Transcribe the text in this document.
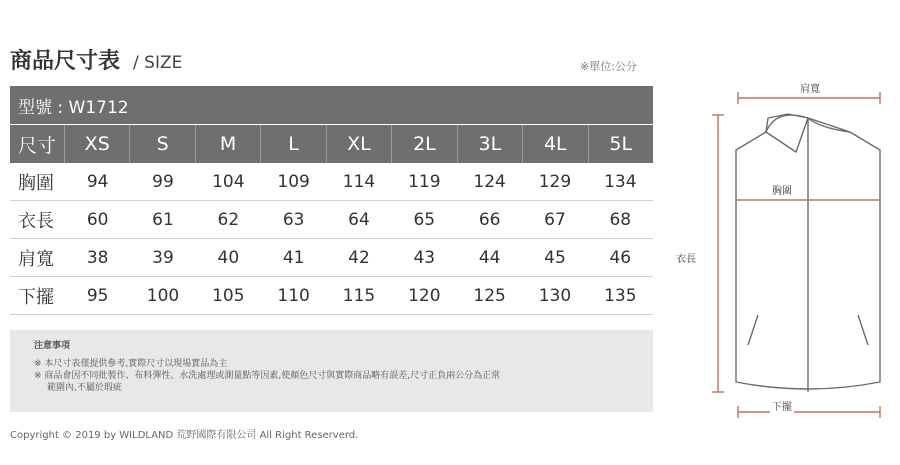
商品尺寸表 / SIZE	※單位:公分
型號 : W1712
尺寸	XS	S	M	L	XL	2L	3L	4L	5L
胸圍	94	99	104	109	114	119	124	129	134
衣長	60	61	62	63	64	65	66	67	68
肩寬	38	39	40	41	42	43	44	45	46
下擺	95	100	105	110	115	120	125	130	135
注意事項
※ 本尺寸表僅提供參考,實際尺寸以現場實品為主
※ 商品會因不同批製作、布料彈性、水洗處理或測量點等因素,使顏色尺寸與實際商品略有誤差,尺寸正負兩公分為正常
範圍內,不屬於瑕疵
Copyright © 2019 by WILDLAND 荒野國際有限公司 All Right Reserverd.
肩寬
胸圍
衣長
下擺
